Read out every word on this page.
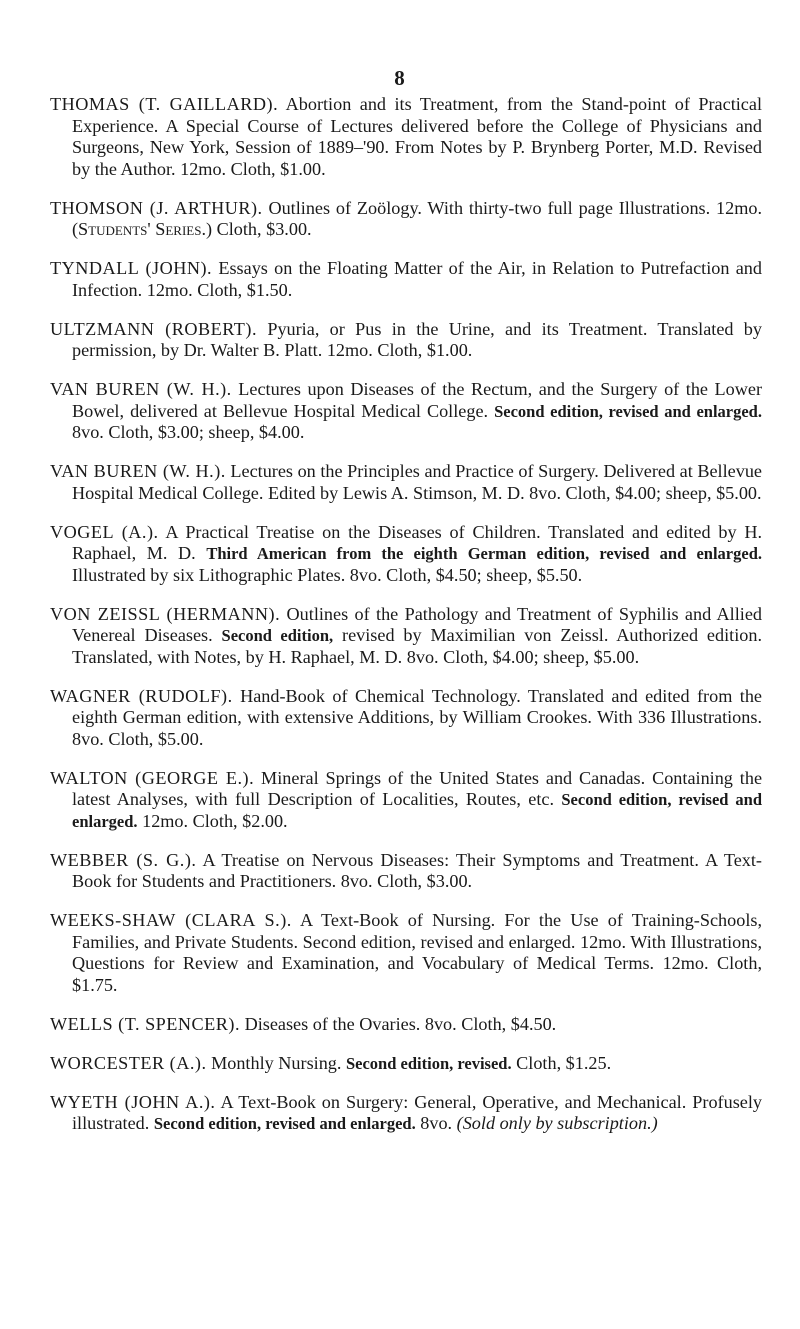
8
THOMAS (T. GAILLARD). Abortion and its Treatment, from the Stand-point of Practical Experience. A Special Course of Lectures delivered before the College of Physicians and Surgeons, New York, Session of 1889–'90. From Notes by P. Brynberg Porter, M.D. Revised by the Author. 12mo. Cloth, $1.00.
THOMSON (J. ARTHUR). Outlines of Zoölogy. With thirty-two full page Illustrations. 12mo. (Students' Series.) Cloth, $3.00.
TYNDALL (JOHN). Essays on the Floating Matter of the Air, in Relation to Putrefaction and Infection. 12mo. Cloth, $1.50.
ULTZMANN (ROBERT). Pyuria, or Pus in the Urine, and its Treatment. Translated by permission, by Dr. Walter B. Platt. 12mo. Cloth, $1.00.
VAN BUREN (W. H.). Lectures upon Diseases of the Rectum, and the Surgery of the Lower Bowel, delivered at Bellevue Hospital Medical College. Second edition, revised and enlarged. 8vo. Cloth, $3.00; sheep, $4.00.
VAN BUREN (W. H.). Lectures on the Principles and Practice of Surgery. Delivered at Bellevue Hospital Medical College. Edited by Lewis A. Stimson, M. D. 8vo. Cloth, $4.00; sheep, $5.00.
VOGEL (A.). A Practical Treatise on the Diseases of Children. Translated and edited by H. Raphael, M. D. Third American from the eighth German edition, revised and enlarged. Illustrated by six Lithographic Plates. 8vo. Cloth, $4.50; sheep, $5.50.
VON ZEISSL (HERMANN). Outlines of the Pathology and Treatment of Syphilis and Allied Venereal Diseases. Second edition, revised by Maximilian von Zeissl. Authorized edition. Translated, with Notes, by H. Raphael, M. D. 8vo. Cloth, $4.00; sheep, $5.00.
WAGNER (RUDOLF). Hand-Book of Chemical Technology. Translated and edited from the eighth German edition, with extensive Additions, by William Crookes. With 336 Illustrations. 8vo. Cloth, $5.00.
WALTON (GEORGE E.). Mineral Springs of the United States and Canadas. Containing the latest Analyses, with full Description of Localities, Routes, etc. Second edition, revised and enlarged. 12mo. Cloth, $2.00.
WEBBER (S. G.). A Treatise on Nervous Diseases: Their Symptoms and Treatment. A Text-Book for Students and Practitioners. 8vo. Cloth, $3.00.
WEEKS-SHAW (CLARA S.). A Text-Book of Nursing. For the Use of Training-Schools, Families, and Private Students. Second edition, revised and enlarged. 12mo. With Illustrations, Questions for Review and Examination, and Vocabulary of Medical Terms. 12mo. Cloth, $1.75.
WELLS (T. SPENCER). Diseases of the Ovaries. 8vo. Cloth, $4.50.
WORCESTER (A.). Monthly Nursing. Second edition, revised. Cloth, $1.25.
WYETH (JOHN A.). A Text-Book on Surgery: General, Operative, and Mechanical. Profusely illustrated. Second edition, revised and enlarged. 8vo. (Sold only by subscription.)
